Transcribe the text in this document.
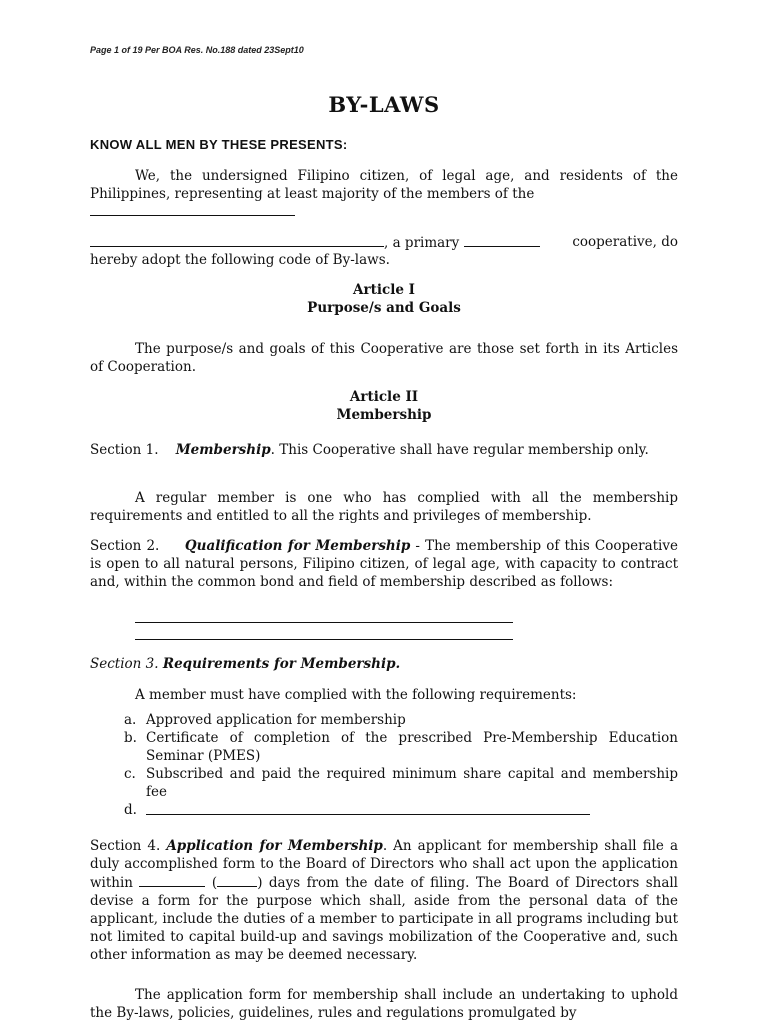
Page 1 of 19 Per BOA Res. No.188 dated 23Sept10
BY-LAWS
KNOW ALL MEN BY THESE PRESENTS:
We, the undersigned Filipino citizen, of legal age, and residents of the Philippines, representing at least majority of the members of the
, a primary	cooperative, do
hereby adopt the following code of By-laws.
Article I
Purpose/s and Goals
The purpose/s and goals of this Cooperative are those set forth in its Articles of Cooperation.
Article II
Membership
Section 1. Membership. This Cooperative shall have regular membership only.
A regular member is one who has complied with all the membership requirements and entitled to all the rights and privileges of membership.
Section 2. Qualification for Membership - The membership of this Cooperative is open to all natural persons, Filipino citizen, of legal age, with capacity to contract and, within the common bond and field of membership described as follows:
Section 3. Requirements for Membership.
A member must have complied with the following requirements:
a. Approved application for membership
b. Certificate of completion of the prescribed Pre-Membership Education Seminar (PMES)
c. Subscribed and paid the required minimum share capital and membership fee
d.
Section 4. Application for Membership. An applicant for membership shall file a duly accomplished form to the Board of Directors who shall act upon the application within	(	) days from the date of filing. The Board of Directors shall devise a form for the purpose which shall, aside from the personal data of the applicant, include the duties of a member to participate in all programs including but not limited to capital build-up and savings mobilization of the Cooperative and, such other information as may be deemed necessary.
The application form for membership shall include an undertaking to uphold the By-laws, policies, guidelines, rules and regulations promulgated by
